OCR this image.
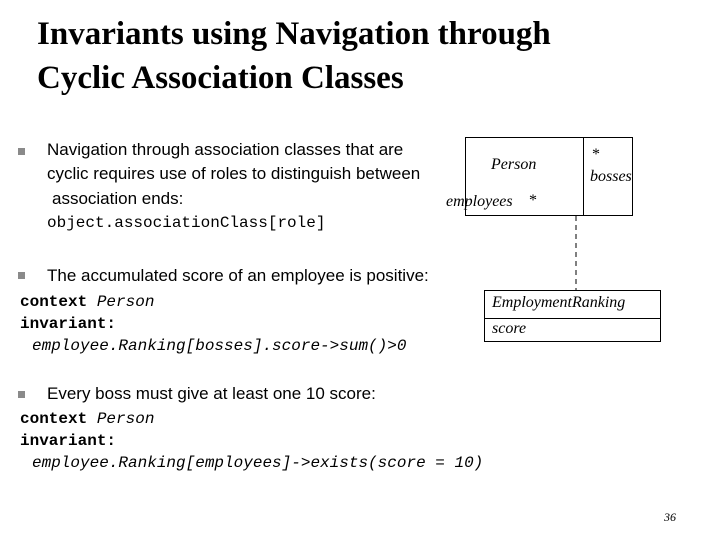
Invariants using Navigation through
Cyclic Association Classes
Navigation through association classes that are
cyclic requires use of roles to distinguish between
association ends:
object.associationClass[role]
The accumulated score of an employee is positive:
context Person
invariant:
employee.Ranking[bosses].score->sum()>0
Every boss must give at least one 10 score:
context Person
invariant:
employee.Ranking[employees]->exists(score = 10)
Person
*
bosses
employees *
EmploymentRanking
score
36
